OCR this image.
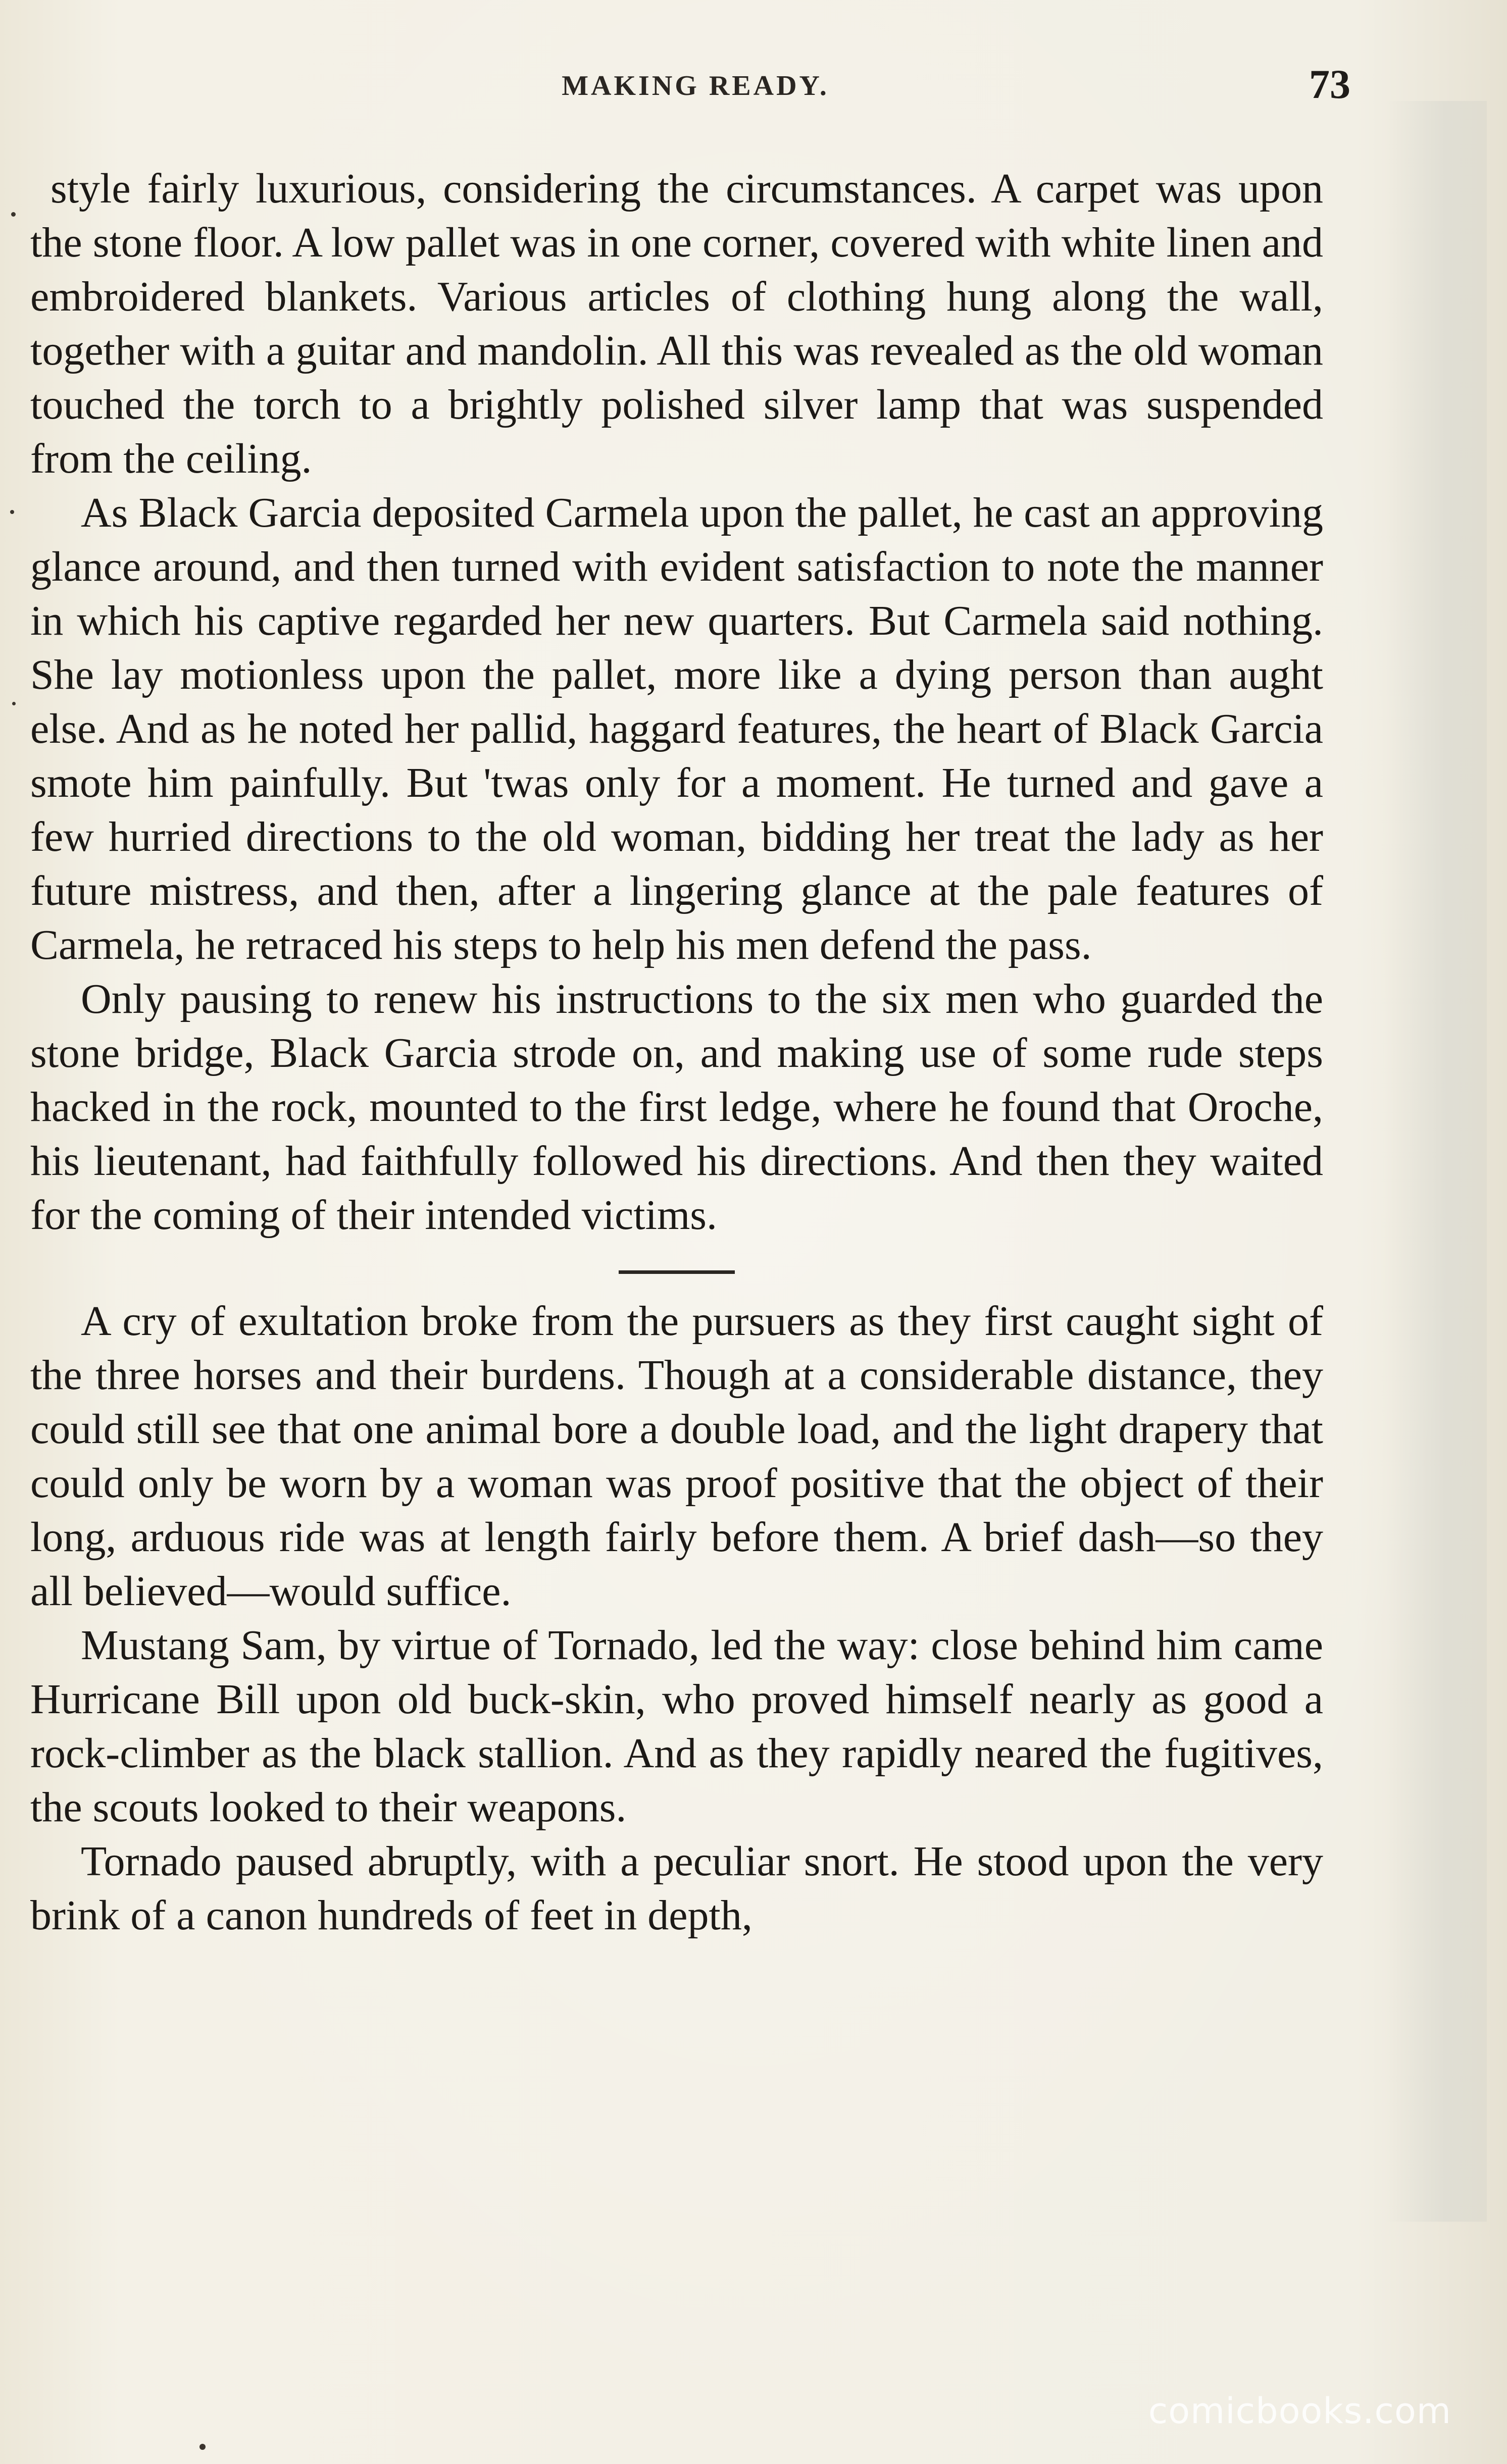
MAKING READY.	73

style fairly luxurious, considering the circumstances. A carpet was upon the stone floor. A low pallet was in one corner, covered with white linen and embroidered blankets. Various articles of clothing hung along the wall, together with a guitar and mandolin. All this was revealed as the old woman touched the torch to a brightly polished silver lamp that was suspended from the ceiling.

As Black Garcia deposited Carmela upon the pallet, he cast an approving glance around, and then turned with evident satisfaction to note the manner in which his captive regarded her new quarters. But Carmela said nothing. She lay motionless upon the pallet, more like a dying person than aught else. And as he noted her pallid, haggard features, the heart of Black Garcia smote him painfully. But 'twas only for a moment. He turned and gave a few hurried directions to the old woman, bidding her treat the lady as her future mistress, and then, after a lingering glance at the pale features of Carmela, he retraced his steps to help his men defend the pass.

Only pausing to renew his instructions to the six men who guarded the stone bridge, Black Garcia strode on, and making use of some rude steps hacked in the rock, mounted to the first ledge, where he found that Oroche, his lieutenant, had faithfully followed his directions. And then they waited for the coming of their intended victims.

A cry of exultation broke from the pursuers as they first caught sight of the three horses and their burdens. Though at a considerable distance, they could still see that one animal bore a double load, and the light drapery that could only be worn by a woman was proof positive that the object of their long, arduous ride was at length fairly before them. A brief dash—so they all believed—would suffice.

Mustang Sam, by virtue of Tornado, led the way: close behind him came Hurricane Bill upon old buck-skin, who proved himself nearly as good a rock-climber as the black stallion. And as they rapidly neared the fugitives, the scouts looked to their weapons.

Tornado paused abruptly, with a peculiar snort. He stood upon the very brink of a canon hundreds of feet in depth,

comicbooks.com
